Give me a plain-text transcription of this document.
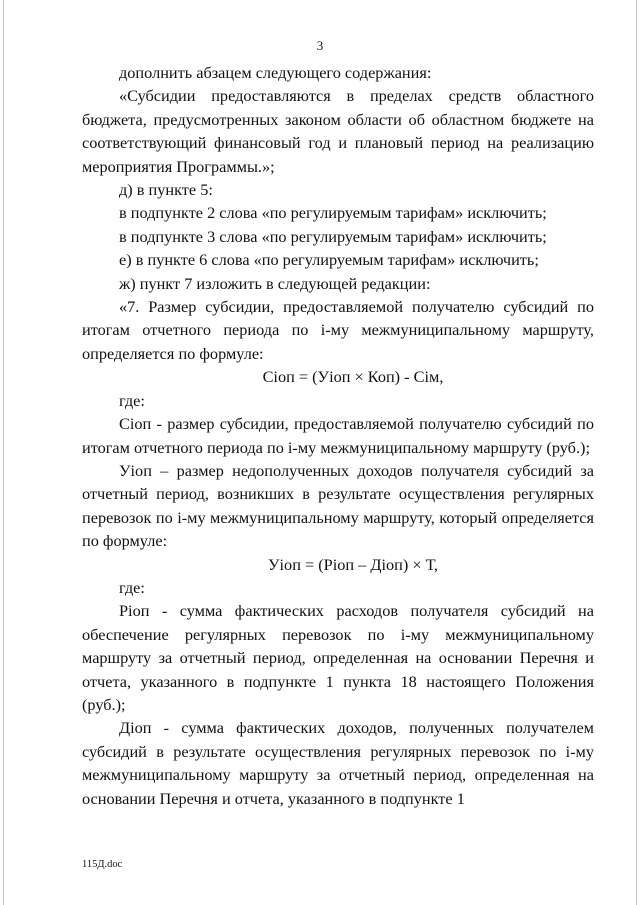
3

дополнить абзацем следующего содержания:

«Субсидии предоставляются в пределах средств областного бюджета, предусмотренных законом области об областном бюджете на соответствующий финансовый год и плановый период на реализацию мероприятия Программы.»;

д) в пункте 5:

в подпункте 2 слова «по регулируемым тарифам» исключить;

в подпункте 3 слова «по регулируемым тарифам» исключить;

е) в пункте 6 слова «по регулируемым тарифам» исключить;

ж) пункт 7 изложить в следующей редакции:

«7. Размер субсидии, предоставляемой получателю субсидий по итогам отчетного периода по i-му межмуниципальному маршруту, определяется по формуле:

Сіоп = (Уіоп × Коп) - Сім,

где:

Сіоп - размер субсидии, предоставляемой получателю субсидий по итогам отчетного периода по i-му межмуниципальному маршруту (руб.);

Уіоп – размер недополученных доходов получателя субсидий за отчетный период, возникших в результате осуществления регулярных перевозок по i-му межмуниципальному маршруту, который определяется по формуле:

Уіоп = (Ріоп – Діоп) × Т,

где:

Ріоп - сумма фактических расходов получателя субсидий на обеспечение регулярных перевозок по i-му межмуниципальному маршруту за отчетный период, определенная на основании Перечня и отчета, указанного в подпункте 1 пункта 18 настоящего Положения (руб.);

Діоп - сумма фактических доходов, полученных получателем субсидий в результате осуществления регулярных перевозок по i-му межмуниципальному маршруту за отчетный период, определенная на основании Перечня и отчета, указанного в подпункте 1

115Д.doc
